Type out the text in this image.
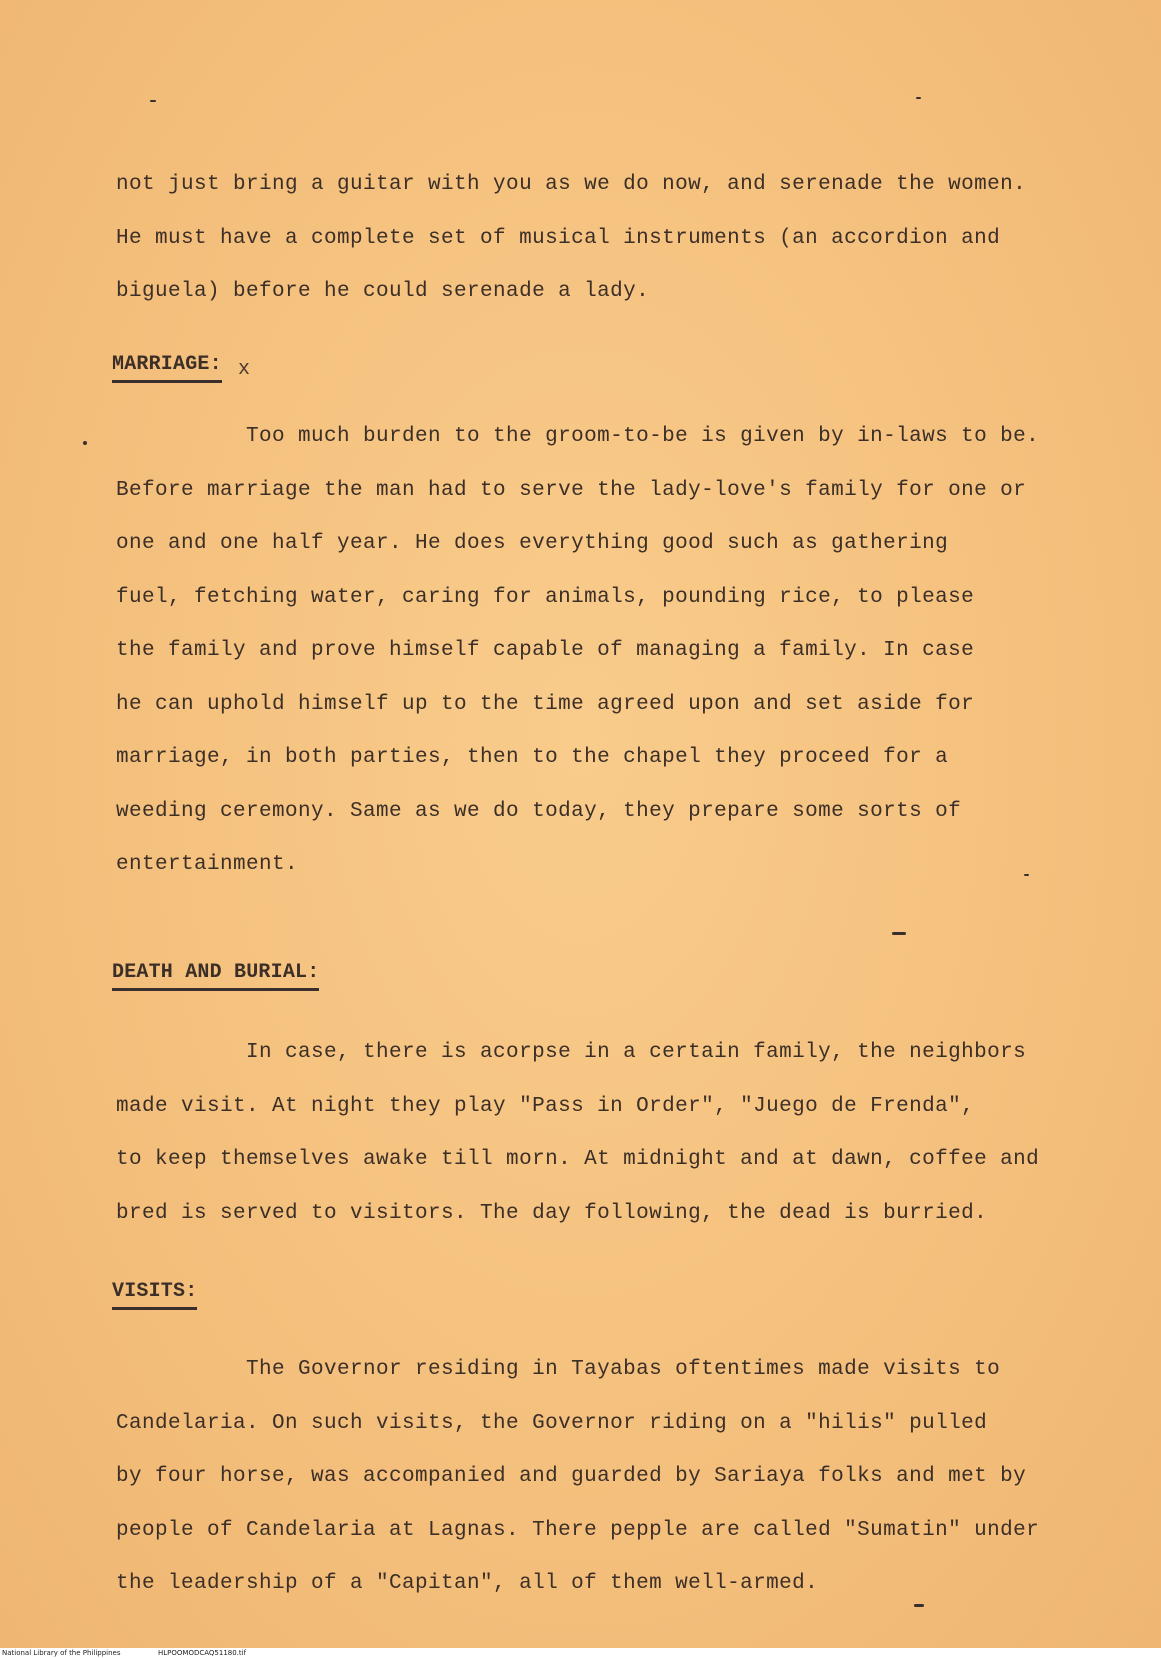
not just bring a guitar with you as we do now, and serenade the women.
He must have a complete set of musical instruments (an accordion and
biguela) before he could serenade a lady.

MARRIAGE: x

Too much burden to the groom-to-be is given by in-laws to be.
Before marriage the man had to serve the lady-love's family for one or
one and one half year. He does everything good such as gathering
fuel, fetching water, caring for animals, pounding rice, to please
the family and prove himself capable of managing a family. In case
he can uphold himself up to the time agreed upon and set aside for
marriage, in both parties, then to the chapel they proceed for a
weeding ceremony. Same as we do today, they prepare some sorts of
entertainment.

DEATH AND BURIAL:

In case, there is acorpse in a certain family, the neighbors
made visit. At night they play "Pass in Order", "Juego de Frenda",
to keep themselves awake till morn. At midnight and at dawn, coffee and
bred is served to visitors. The day following, the dead is burried.

VISITS:

The Governor residing in Tayabas oftentimes made visits to
Candelaria. On such visits, the Governor riding on a "hilis" pulled
by four horse, was accompanied and guarded by Sariaya folks and met by
people of Candelaria at Lagnas. There pepple are called "Sumatin" under
the leadership of a "Capitan", all of them well-armed.

National Library of the Philippines	HLPOOMODCAQ51180.tif
